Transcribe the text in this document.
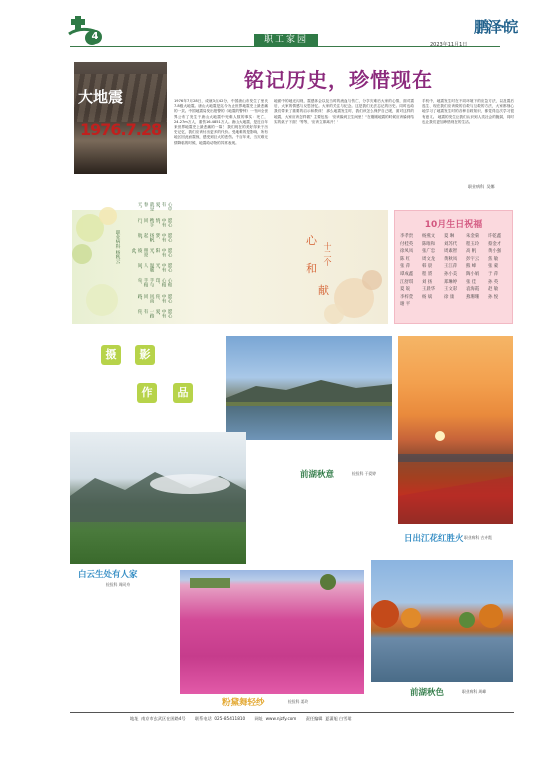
4	职工家园	2023年11月1日
鹏泽·皖
大地震
1976.7.28
铭记历史，珍惜现在
1976年7月28日，成就3点42分，中国唐山市发生了里氏7.8级大地震。唐山大地震是迄今为止世界地震史上最悲痛的一页。中国地震局发出报警的《地震的警钟》一书问全世界公布了发生于唐山大地震中死难人数的事实：死亡，24.27m万人，重伤16.4851万人。唐山大地震，是近百年来世界地震史上最悲痛的一幕！ 我们现在的美好得来于历史记忆，我们应该付出更多的代价。受地难的是影响，所有地区因此而震惊，感受到巨大的悲伤。千百年来，当灾难无情降临的时候，地震给动物的异常表现。
地面中的地光闪现，震感体会以及当时的流血与伤亡，分享灾难后大家的心情，面对震后，大家的情感与反思回忆。大家的关注与纪念。这是我们无法忘记的历史。同时也给我们带来了重要的启示和教训！ 那么地震发生时，我们该怎么保护自己呢，面对这样的地震，大家应该怎样做？主要包括：'应该躲到卫生间里！''在刚刚地震的时候应该躲到结实的桌子下面！'等等，'应该立即离开！'
手机中，地震发生时在不同环境下的应急方法，以及震后逃生、现在我们应该做的自救与互救的方法，大家都细心地学习了地震发生时的各种自救知识，都觉得这次学习很有意义。 地震的发生让我们认识到人类社会的脆弱，同时也让我们更加珍惜现在的生活。
职业病科 吴娜
愿心中有爱，一路有你，
愿心中有你，风雨同路，
心和心相印，手与手相牵，
愿心中有光，温暖人间，
愿心中有阳光，照亮彼此，
愿心中有梦，扬帆起航，
愿心中有情，携手同行，
心中有爱，就是春天。
职业病科 杨秋云	心
十二个
和
献
10月生日祝福
李孝贵	杨燕文	夏 琳	朱金菊	许乾鑫
付桂英	陈唯和	刘苏代	程玉玲	蔡金才
徐凤凤	张广忠	周素智	高 帆	黄小强
陈 红	周文龙	黄秋凤	彭宇云	焦 敏
张 萍	韩 晨	王江萍	熊 峰	张 蒙
谭成鑫	程 赟	孙小美	陶小娟	于 萍
江舒琪	刘 扬	郑琳婷	张 佳	孙 英
夏 皖	王晨华	王文彩	袁海霞	赵 敏
李梓萱	杨 斌	徐 康	燕珊珊	孙 悦
谢 平
摄	影
作	品
前湖秋意	检验科 于爱婷
日出江花红胜火 职业病科 吉卉霞
白云生处有人家
检验科 周同舟
粉黛舞轻纱	检验科 姜玲
前湖秋色	职业病科 周峰
地址 南京市玄武区在困路4号 联系电话 025-85411810 网址 www.njzfy.com 责任编辑 夏潇旭 白雪珺
